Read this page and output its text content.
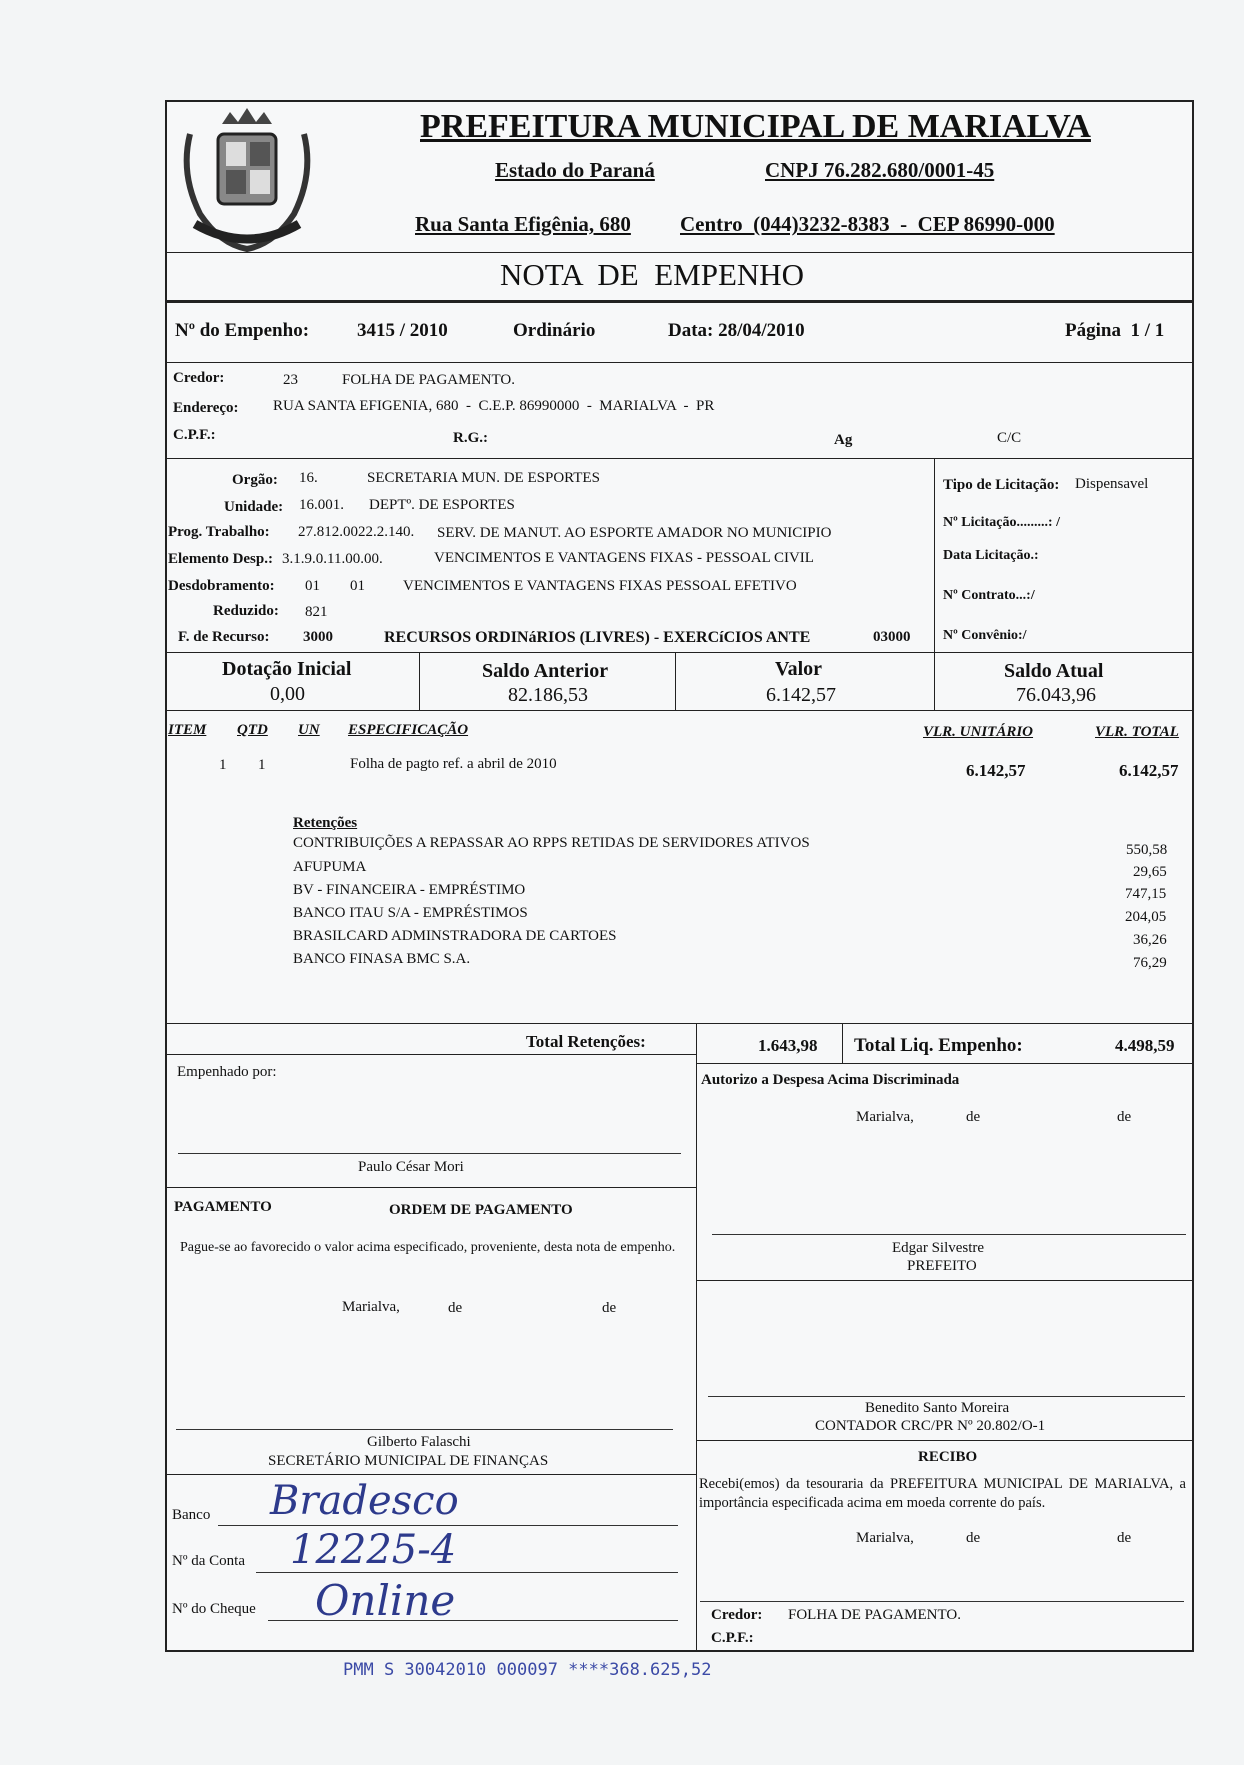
PREFEITURA MUNICIPAL DE MARIALVA
Estado do Paraná	CNPJ 76.282.680/0001-45
Rua Santa Efigênia, 680 Centro  (044)3232-8383  -  CEP 86990-000
NOTA  DE  EMPENHO
Nº do Empenho:	3415 / 2010	Ordinário	Data: 28/04/2010	Página  1 / 1
Credor:	23	FOLHA DE PAGAMENTO.
Endereço: RUA SANTA EFIGENIA, 680  -  C.E.P. 86990000  -  MARIALVA  -  PR
C.P.F.:	R.G.:	Ag	C/C
Orgão: 16.	SECRETARIA MUN. DE ESPORTES
Unidade: 16.001. DEPTº. DE ESPORTES
Prog. Trabalho: 27.812.0022.2.140. SERV. DE MANUT. AO ESPORTE AMADOR NO MUNICIPIO
Elemento Desp.: 3.1.9.0.11.00.00.	VENCIMENTOS E VANTAGENS FIXAS - PESSOAL CIVIL
Desdobramento: 01 01	VENCIMENTOS E VANTAGENS FIXAS PESSOAL EFETIVO
Reduzido: 821
F. de Recurso: 3000	RECURSOS ORDINáRIOS (LIVRES) - EXERCíCIOS ANTE	03000
Tipo de Licitação: Dispensavel
Nº Licitação.........: /
Data Licitação.:
Nº Contrato...:/
Nº Convênio:/
Dotação Inicial
0,00
Saldo Anterior
82.186,53
Valor
6.142,57
Saldo Atual
76.043,96
ITEM QTD UN ESPECIFICAÇÃO	VLR. UNITÁRIO	VLR. TOTAL
1 1	Folha de pagto ref. a abril de 2010	6.142,57	6.142,57
Retenções
CONTRIBUIÇÕES A REPASSAR AO RPPS RETIDAS DE SERVIDORES ATIVOS	550,58
AFUPUMA	29,65
BV - FINANCEIRA - EMPRÉSTIMO	747,15
BANCO ITAU S/A - EMPRÉSTIMOS	204,05
BRASILCARD ADMINSTRADORA DE CARTOES	36,26
BANCO FINASA BMC S.A.	76,29
Total Retenções:	1.643,98 Total Liq. Empenho:	4.498,59
Empenhado por:
Paulo César Mori
PAGAMENTO	ORDEM DE PAGAMENTO
Pague-se ao favorecido o valor acima especificado, proveniente, desta nota de empenho.
Marialva,	de	de
Gilberto Falaschi
SECRETÁRIO MUNICIPAL DE FINANÇAS
Banco Bradesco
Nº da Conta 12225-4
Nº do Cheque Online
Autorizo a Despesa Acima Discriminada
Marialva,	de	de
Edgar Silvestre
PREFEITO
Benedito Santo Moreira
CONTADOR CRC/PR Nº 20.802/O-1
RECIBO
Recebi(emos) da tesouraria da PREFEITURA MUNICIPAL DE MARIALVA, a importância especificada acima em moeda corrente do país.
Marialva,	de	de
Credor: FOLHA DE PAGAMENTO.
C.P.F.:
PMM S 30042010 000097 ****368.625,52
